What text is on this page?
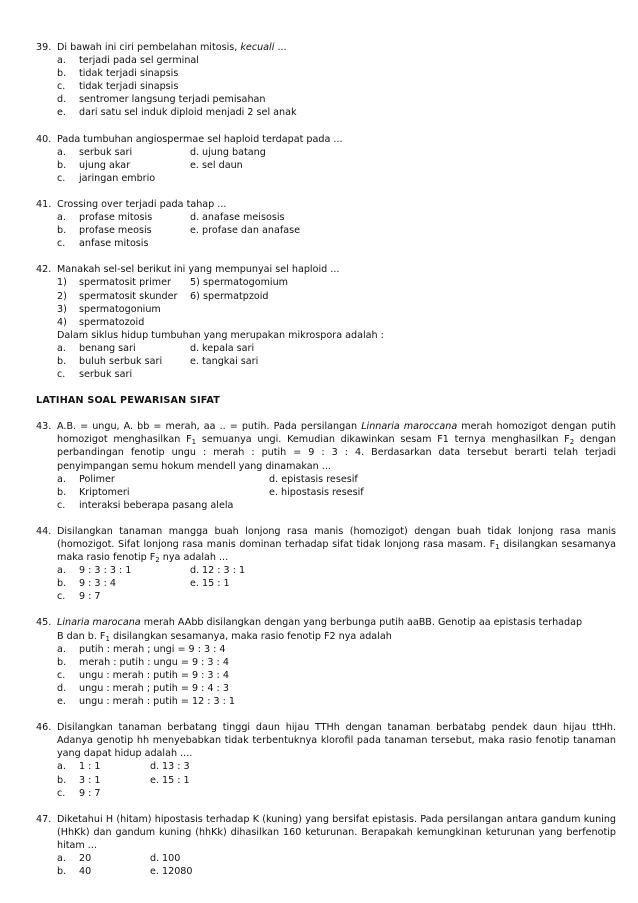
39. Di bawah ini ciri pembelahan mitosis, kecuali ...
a.	terjadi pada sel germinal
b.	tidak terjadi sinapsis
c.	tidak terjadi sinapsis
d.	sentromer langsung terjadi pemisahan
e.	dari satu sel induk diploid menjadi 2 sel anak
40. Pada tumbuhan angiospermae sel haploid terdapat pada ...
a.	serbuk sari	d. ujung batang
b.	ujung akar	e. sel daun
c.	jaringan embrio
41. Crossing over terjadi pada tahap ...
a.	profase mitosis	d. anafase meisosis
b.	profase meosis	e. profase dan anafase
c.	anfase mitosis
42. Manakah sel-sel berikut ini yang mempunyai sel haploid ...
1)	spermatosit primer	5) spermatogomium
2)	spermatosit skunder	6) spermatpzoid
3)	spermatogonium
4)	spermatozoid
Dalam siklus hidup tumbuhan yang merupakan mikrospora adalah :
a.	benang sari	d. kepala sari
b.	buluh serbuk sari	e. tangkai sari
c.	serbuk sari
LATIHAN SOAL PEWARISAN SIFAT
43. A.B. = ungu, A. bb = merah, aa .. = putih. Pada persilangan Linnaria maroccana merah homozigot dengan putih homozigot menghasilkan $F_1$ semuanya ungi. Kemudian dikawinkan sesam F1 ternya menghasilkan $F_2$ dengan perbandingan fenotip ungu : merah : putih = 9 : 3 : 4. Berdasarkan data tersebut berarti telah terjadi penyimpangan semu hokum mendell yang dinamakan ...
a.	Polimer	d. epistasis resesif
b.	Kriptomeri	e. hipostasis resesif
c.	interaksi beberapa pasang alela
44. Disilangkan tanaman mangga buah lonjong rasa manis (homozigot) dengan buah tidak lonjong rasa manis (homozigot. Sifat lonjong rasa manis dominan terhadap sifat tidak lonjong rasa masam. $F_1$ disilangkan sesamanya maka rasio fenotip $F_2$ nya adalah ...
a.	9 : 3 : 3 : 1	d. 12 : 3 : 1
b.	9 : 3 : 4	e. 15 : 1
c.	9 : 7
45. Linaria marocana merah AAbb disilangkan dengan yang berbunga putih aaBB. Genotip aa epistasis terhadap
B dan b. $F_1$ disilangkan sesamanya, maka rasio fenotip F2 nya adalah
a.	putih : merah ; ungi = 9 : 3 : 4
b.	merah : putih : ungu = 9 : 3 : 4
c.	ungu : merah : putih = 9 : 3 : 4
d.	ungu : merah ; putih = 9 : 4 : 3
e.	ungu : merah : putih = 12 : 3 : 1
46. Disilangkan tanaman berbatang tinggi daun hijau TTHh dengan tanaman berbatabg pendek daun hijau ttHh. Adanya genotip hh menyebabkan tidak terbentuknya klorofil pada tanaman tersebut, maka rasio fenotip tanaman yang dapat hidup adalah ....
a.	1 : 1	d. 13 : 3
b.	3 : 1	e. 15 : 1
c.	9 : 7
47. Diketahui H (hitam) hipostasis terhadap K (kuning) yang bersifat epistasis. Pada persilangan antara gandum kuning (HhKk) dan gandum kuning (hhKk) dihasilkan 160 keturunan. Berapakah kemungkinan keturunan yang berfenotip hitam ...
a.	20	d. 100
b.	40	e. 12080
